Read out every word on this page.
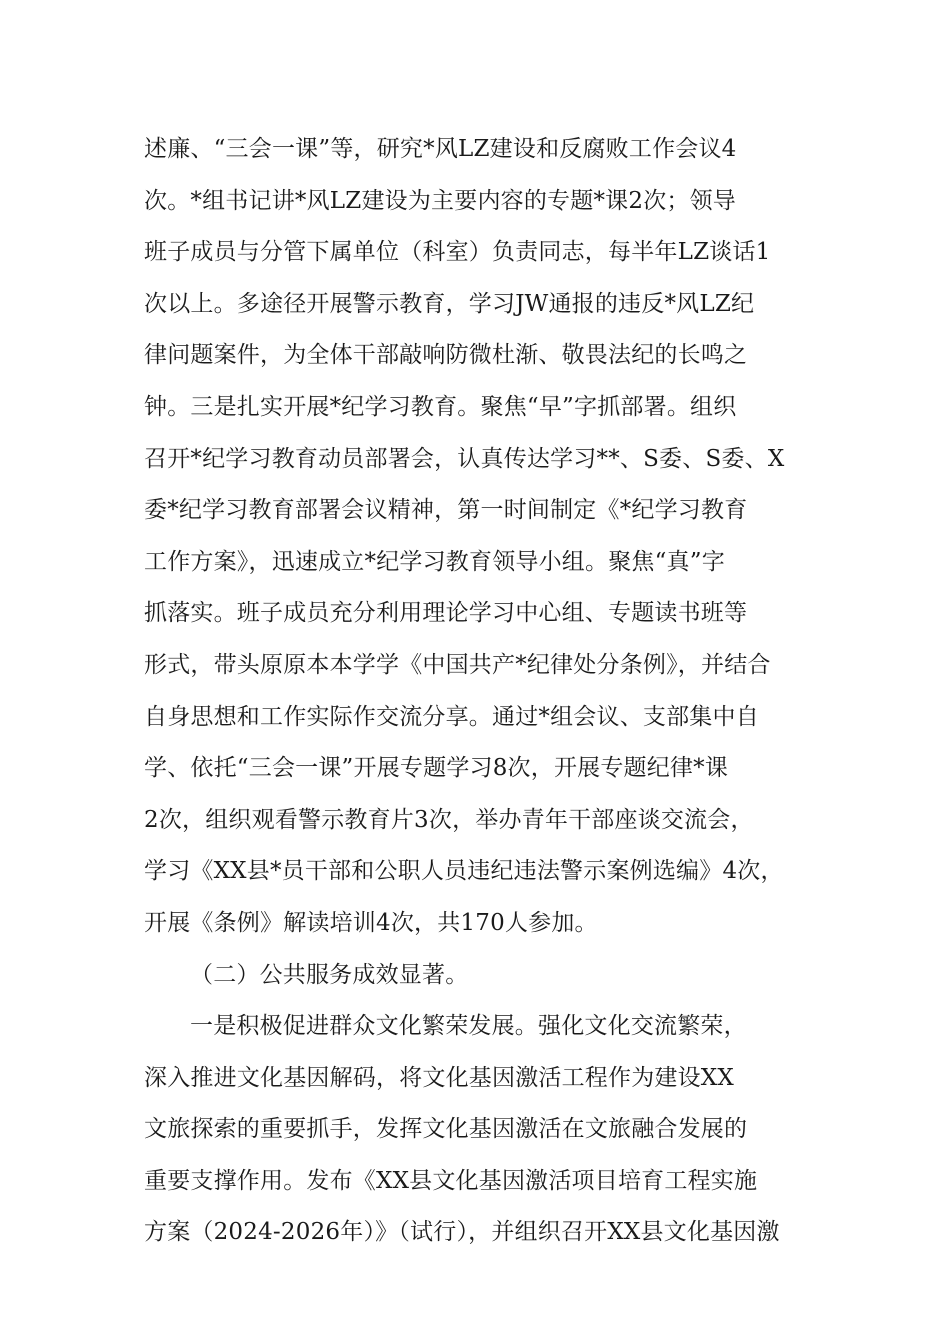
述廉、“三会一课”等，研究*风LZ建设和反腐败工作会议4
次。*组书记讲*风LZ建设为主要内容的专题*课2次；领导
班子成员与分管下属单位（科室）负责同志，每半年LZ谈话1
次以上。多途径开展警示教育，学习JW通报的违反*风LZ纪
律问题案件，为全体干部敲响防微杜渐、敬畏法纪的长鸣之
钟。三是扎实开展*纪学习教育。聚焦“早”字抓部署。组织
召开*纪学习教育动员部署会，认真传达学习**、S委、S委、X
委*纪学习教育部署会议精神，第一时间制定《*纪学习教育
工作方案》，迅速成立*纪学习教育领导小组。聚焦“真”字
抓落实。班子成员充分利用理论学习中心组、专题读书班等
形式，带头原原本本学学《中国共产*纪律处分条例》，并结合
自身思想和工作实际作交流分享。通过*组会议、支部集中自
学、依托“三会一课”开展专题学习8次，开展专题纪律*课
2次，组织观看警示教育片3次，举办青年干部座谈交流会，
学习《XX县*员干部和公职人员违纪违法警示案例选编》4次，
开展《条例》解读培训4次，共170人参加。
（二）公共服务成效显著。
一是积极促进群众文化繁荣发展。强化文化交流繁荣，
深入推进文化基因解码，将文化基因激活工程作为建设XX
文旅探索的重要抓手，发挥文化基因激活在文旅融合发展的
重要支撑作用。发布《XX县文化基因激活项目培育工程实施
方案（2024-2026年）》（试行），并组织召开XX县文化基因激
